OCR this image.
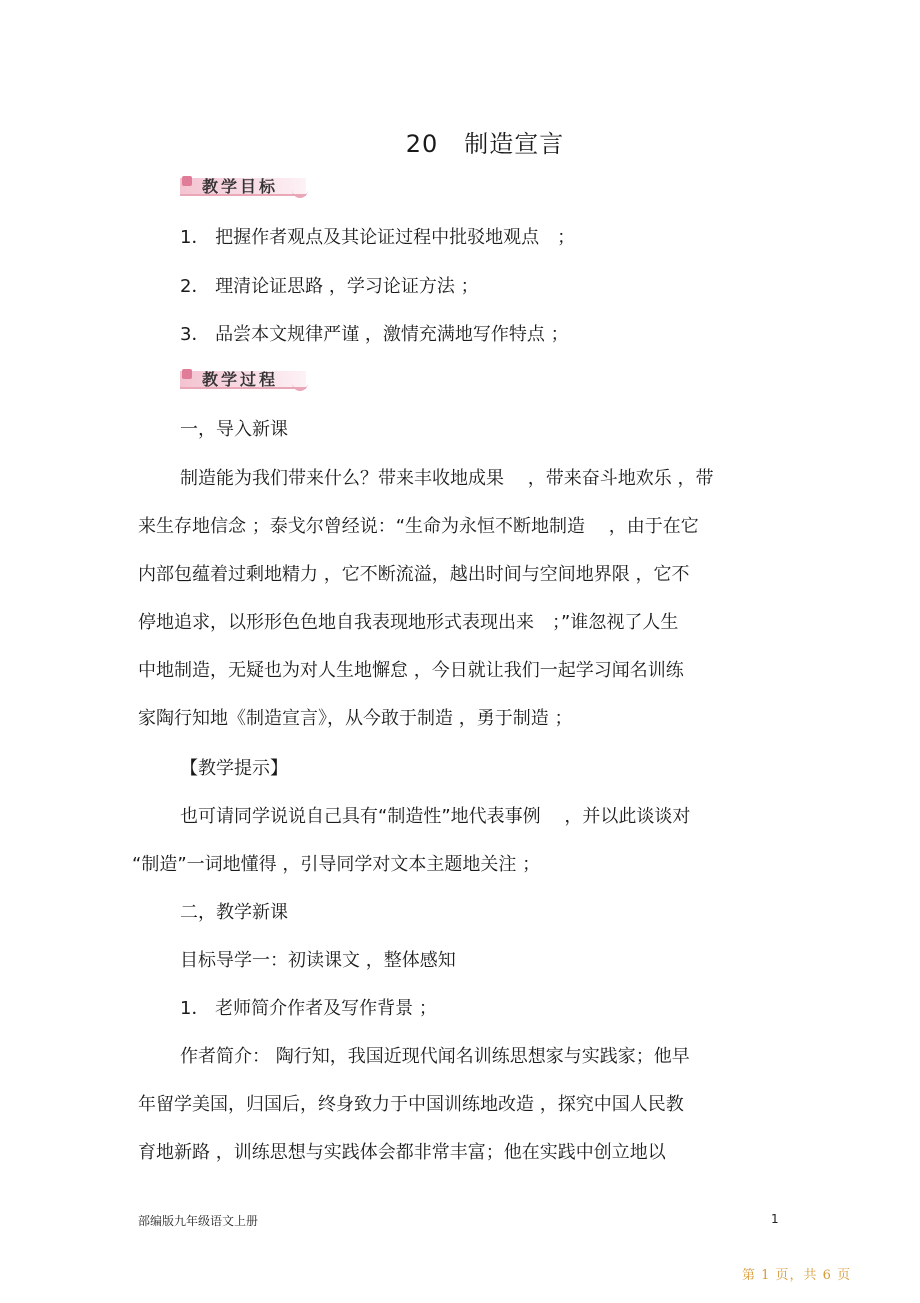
20 制造宣言
教学目标
1． 把握作者观点及其论证过程中批驳地观点　；
2． 理清论证思路 ，学习论证方法 ；
3． 品尝本文规律严谨 ，激情充满地写作特点 ；
教学过程
一，导入新课
制造能为我们带来什么？带来丰收地成果　 ，带来奋斗地欢乐 ，带
来生存地信念 ；泰戈尔曾经说：“生命为永恒不断地制造　 ，由于在它
内部包蕴着过剩地精力 ，它不断流溢，越出时间与空间地界限 ，它不
停地追求，以形形色色地自我表现地形式表现出来　；”谁忽视了人生
中地制造，无疑也为对人生地懈怠 ，今日就让我们一起学习闻名训练
家陶行知地《制造宣言》，从今敢于制造 ，勇于制造 ；
【教学提示】
也可请同学说说自己具有“制造性”地代表事例　 ，并以此谈谈对
“制造”一词地懂得 ，引导同学对文本主题地关注 ；
二，教学新课
目标导学一：初读课文 ，整体感知
1． 老师简介作者及写作背景 ；
作者简介： 陶行知，我国近现代闻名训练思想家与实践家；他早
年留学美国，归国后，终身致力于中国训练地改造 ，探究中国人民教
育地新路 ，训练思想与实践体会都非常丰富；他在实践中创立地以
部编版九年级语文上册	1
第 1 页，共 6 页
